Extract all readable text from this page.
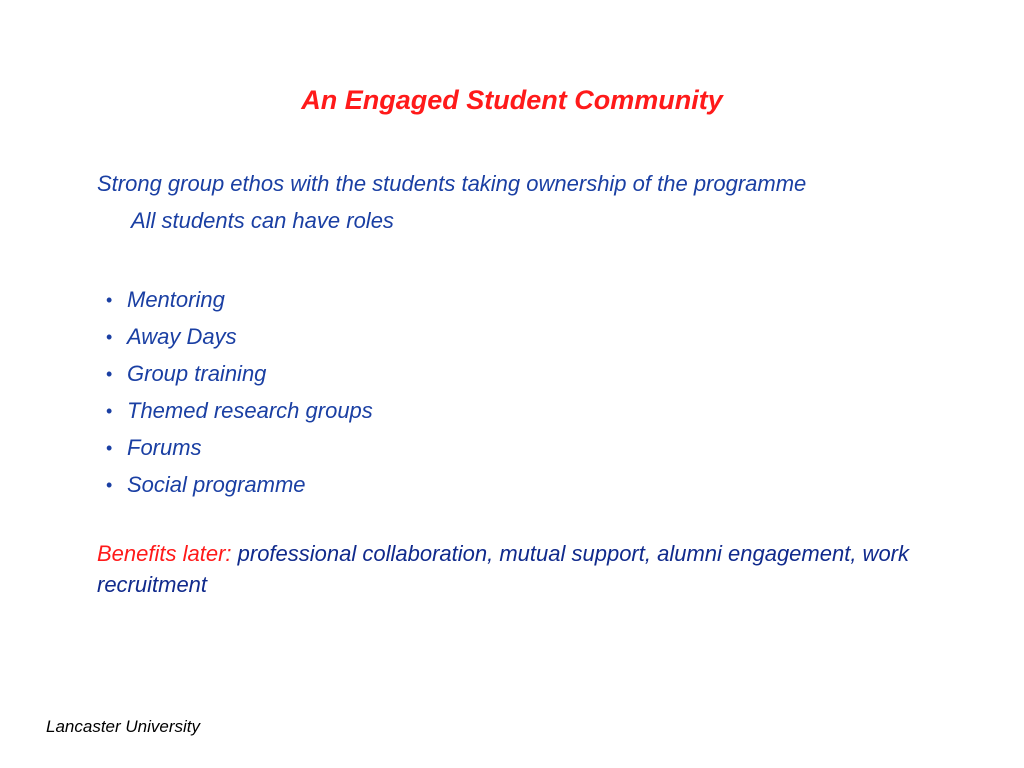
An Engaged Student Community
Strong group ethos with the students taking ownership of the programme
All students can have roles
• Mentoring
• Away Days
• Group training
• Themed research groups
• Forums
• Social programme
Benefits later: professional collaboration, mutual support, alumni engagement, work recruitment
Lancaster University
